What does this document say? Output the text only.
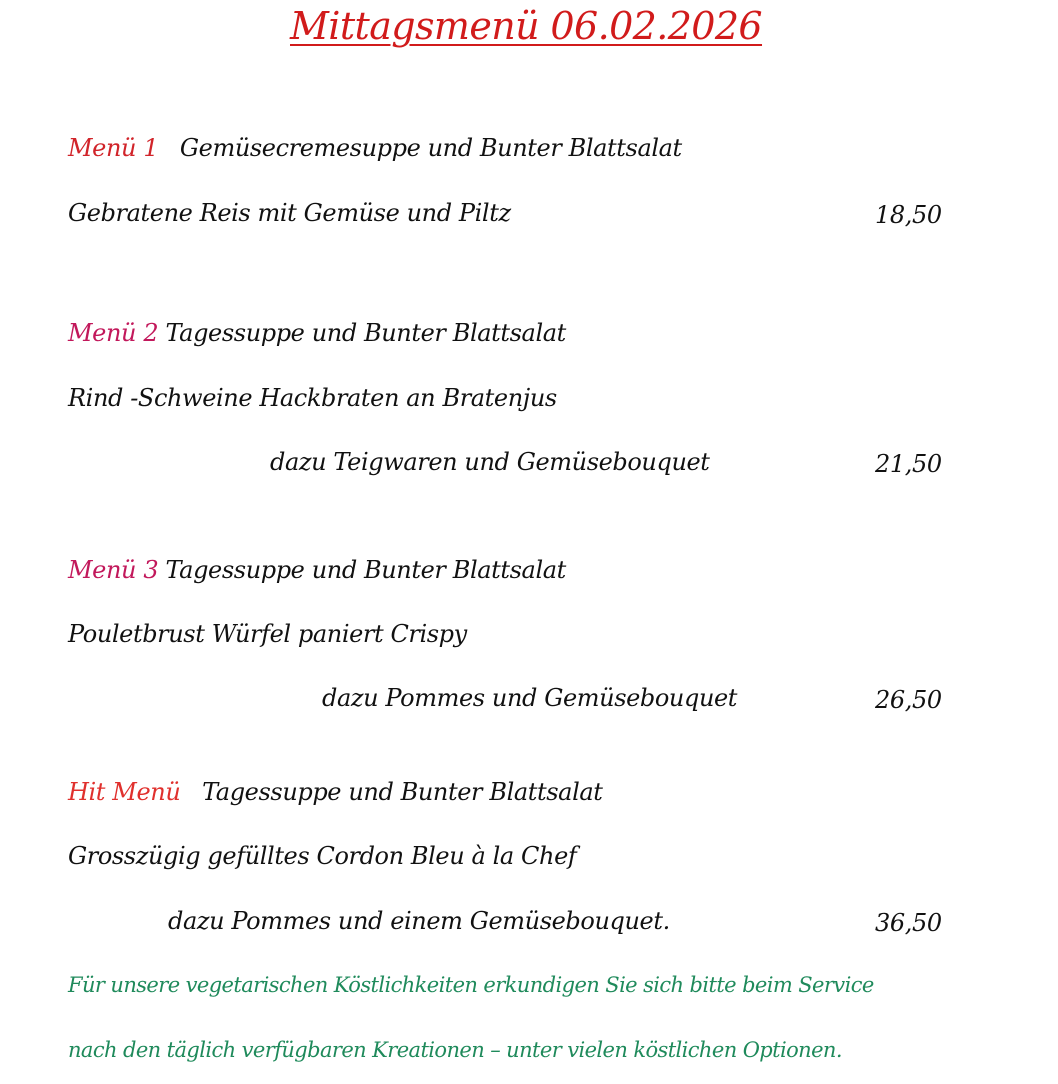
Mittagsmenü 06.02.2026
Menü 1 Gemüsecremesuppe und Bunter Blattsalat
Gebratene Reis mit Gemüse und Piltz	18,50
Menü 2 Tagessuppe und Bunter Blattsalat
Rind -Schweine Hackbraten an Bratenjus
dazu Teigwaren und Gemüsebouquet	21,50
Menü 3 Tagessuppe und Bunter Blattsalat
Pouletbrust Würfel paniert Crispy
dazu Pommes und Gemüsebouquet	26,50
Hit Menü Tagessuppe und Bunter Blattsalat
Grosszügig gefülltes Cordon Bleu à la Chef
dazu Pommes und einem Gemüsebouquet.	36,50
Für unsere vegetarischen Köstlichkeiten erkundigen Sie sich bitte beim Service
nach den täglich verfügbaren Kreationen – unter vielen köstlichen Optionen.
